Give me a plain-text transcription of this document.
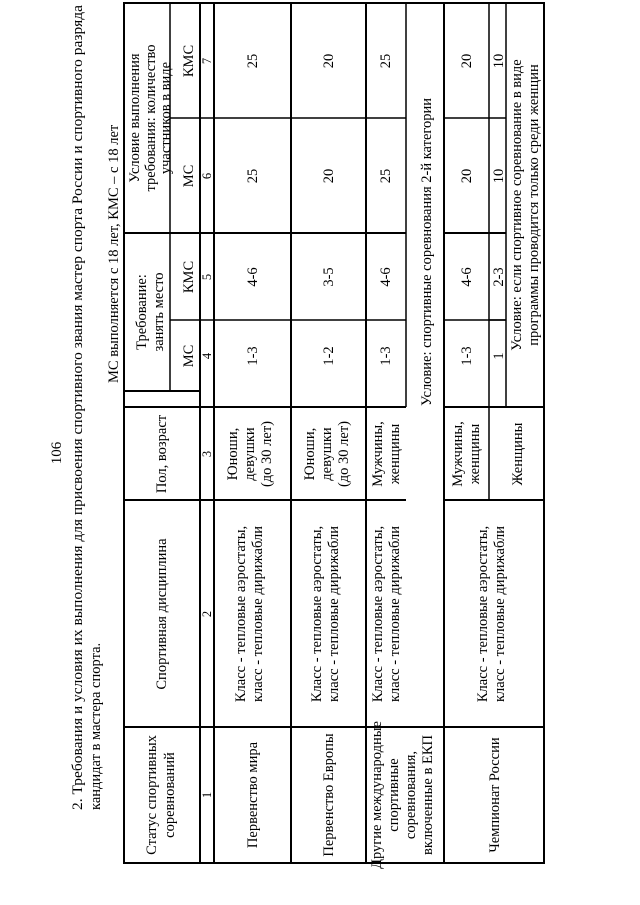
106 2. Требования и условия их выполнения для присвоения спортивного звания мастер спорта России и спортивного разряда кандидат в мастера спорта.
МС выполняется с 18 лет, КМС – с 18 лет
Статус спортивных соревнований
Спортивная дисциплина
Пол, возраст
Требование: занять место
Условие выполнения требования: количество участников в виде
МС
КМС
МС
КМС
1
2
3
4
5
6
7
Первенство мира
Класс - тепловые аэростаты, класс - тепловые дирижабли
Юноши, девушки (до 30 лет)
1-3
4-6
25
25
Первенство Европы
Класс - тепловые аэростаты, класс - тепловые дирижабли
Юноши, девушки (до 30 лет)
1-2
3-5
20
20
Другие международные спортивные соревнования, включенные в ЕКП
Класс - тепловые аэростаты, класс - тепловые дирижабли
Мужчины, женщины
1-3
4-6
25
25
Условие: спортивные соревнования 2-й категории
Чемпионат России
Класс - тепловые аэростаты, класс - тепловые дирижабли
Мужчины, женщины
1-3
4-6
20
20
Женщины
1
2-3
10
10 Условие: если спортивное соревнование в виде программы проводится только среди женщин
